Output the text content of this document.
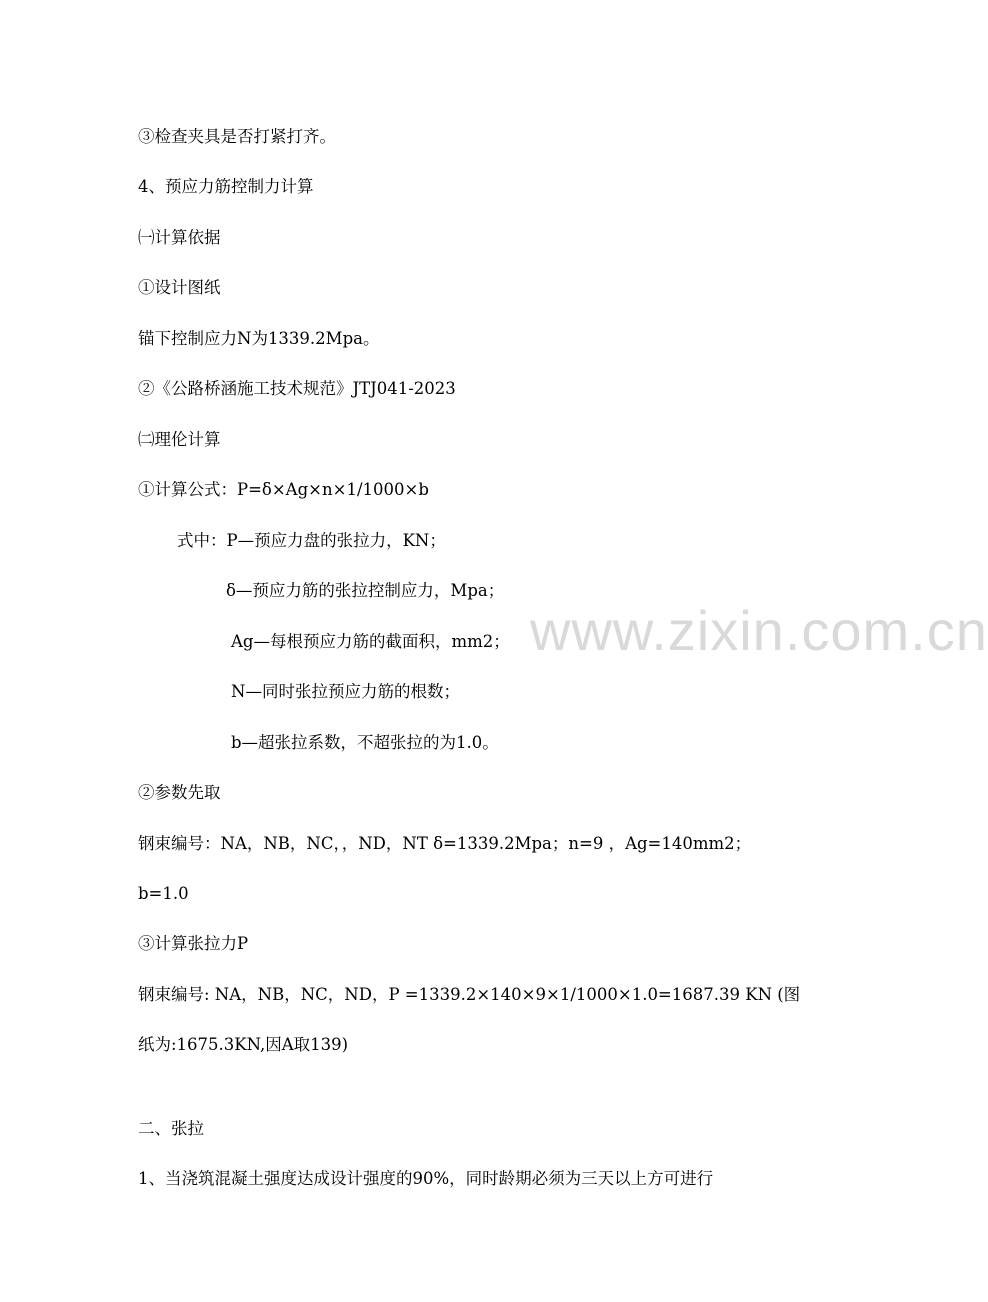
www.zixin.com.cn
③检查夹具是否打紧打齐。
4、预应力筋控制力计算
㈠计算依据
①设计图纸
锚下控制应力N为1339.2Mpa。
②《公路桥涵施工技术规范》JTJ041-2023
㈡理伦计算
①计算公式：P=δ×Ag×n×1/1000×b
式中：P—预应力盘的张拉力，KN；
δ—预应力筋的张拉控制应力，Mpa；
Ag—每根预应力筋的截面积，mm2；
N—同时张拉预应力筋的根数；
b—超张拉系数，不超张拉的为1.0。
②参数先取
钢束编号：NA，NB，NC，，ND，NT δ=1339.2Mpa；n=9 ，Ag=140mm2；
b=1.0
③计算张拉力P
钢束编号: NA，NB，NC，ND，P =1339.2×140×9×1/1000×1.0=1687.39 KN (图
纸为:1675.3KN,因A取139)
二、张拉
1、当浇筑混凝土强度达成设计强度的90%，同时龄期必须为三天以上方可进行
